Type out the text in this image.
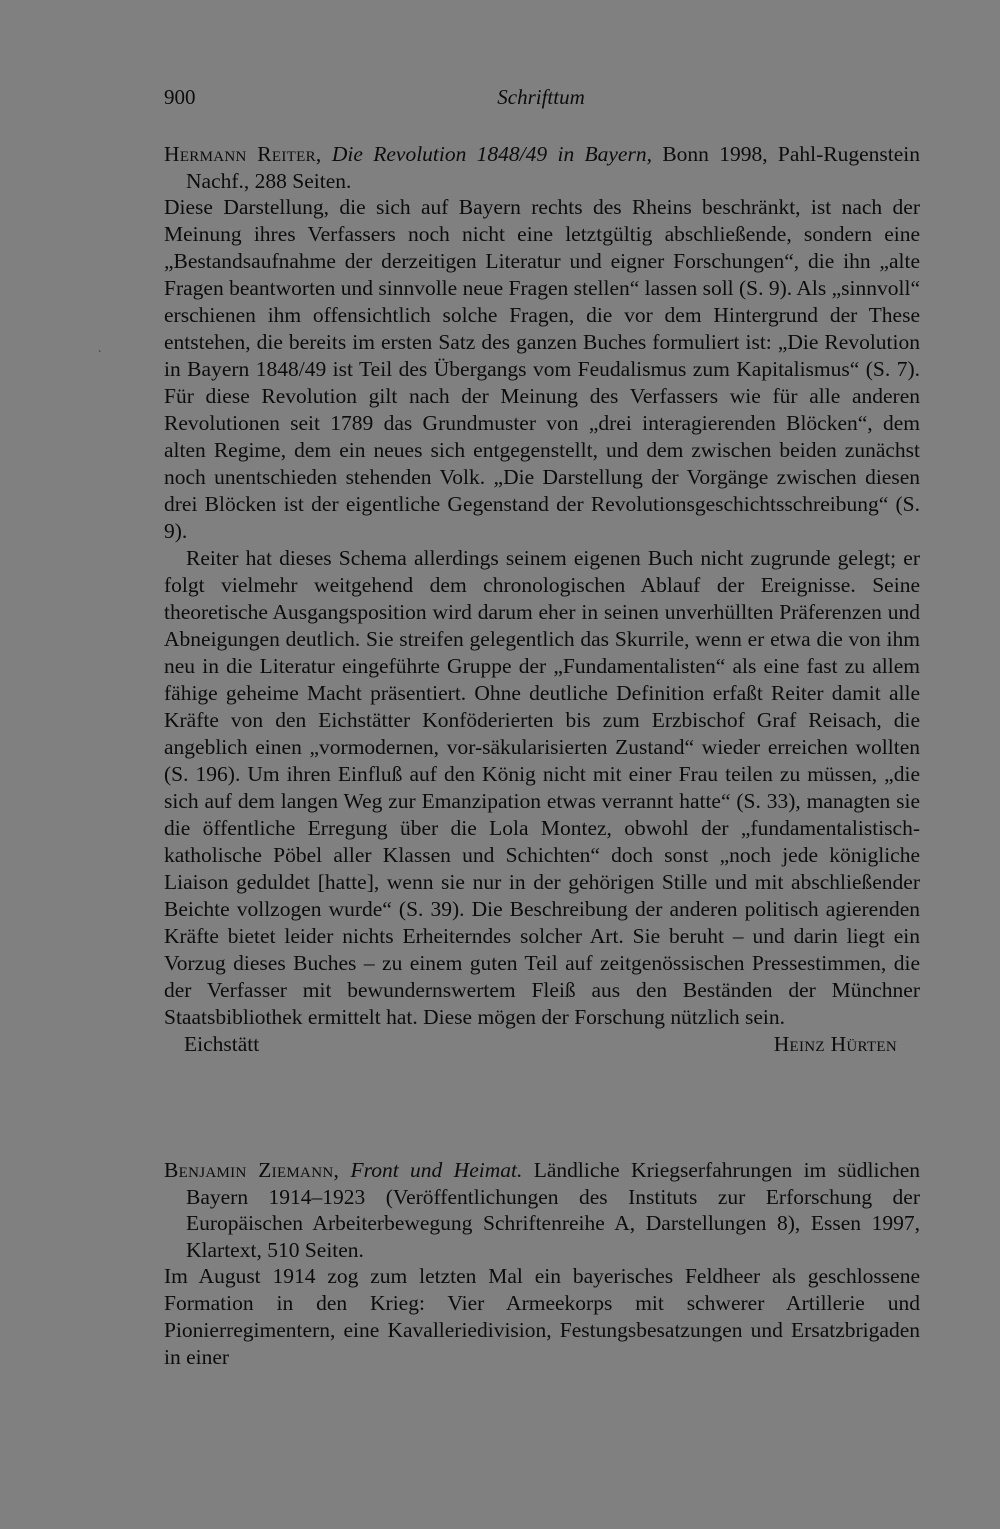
900	Schrifttum
`

Hermann Reiter, Die Revolution 1848/49 in Bayern, Bonn 1998, Pahl-Rugenstein Nachf., 288 Seiten.

Diese Darstellung, die sich auf Bayern rechts des Rheins beschränkt, ist nach der Meinung ihres Verfassers noch nicht eine letztgültig abschließende, sondern eine „Bestandsaufnahme der derzeitigen Literatur und eigner Forschungen“, die ihn „alte Fragen beantworten und sinnvolle neue Fragen stellen“ lassen soll (S. 9). Als „sinnvoll“ erschienen ihm offensichtlich solche Fragen, die vor dem Hintergrund der These entstehen, die bereits im ersten Satz des ganzen Buches formuliert ist: „Die Revolution in Bayern 1848/49 ist Teil des Übergangs vom Feudalismus zum Kapitalismus“ (S. 7). Für diese Revolution gilt nach der Meinung des Verfassers wie für alle anderen Revolutionen seit 1789 das Grundmuster von „drei interagierenden Blöcken“, dem alten Regime, dem ein neues sich entgegenstellt, und dem zwischen beiden zunächst noch unentschieden stehenden Volk. „Die Darstellung der Vorgänge zwischen diesen drei Blöcken ist der eigentliche Gegenstand der Revolutionsgeschichtsschreibung“ (S. 9).

Reiter hat dieses Schema allerdings seinem eigenen Buch nicht zugrunde gelegt; er folgt vielmehr weitgehend dem chronologischen Ablauf der Ereignisse. Seine theoretische Ausgangsposition wird darum eher in seinen unverhüllten Präferenzen und Abneigungen deutlich. Sie streifen gelegentlich das Skurrile, wenn er etwa die von ihm neu in die Literatur eingeführte Gruppe der „Fundamentalisten“ als eine fast zu allem fähige geheime Macht präsentiert. Ohne deutliche Definition erfaßt Reiter damit alle Kräfte von den Eichstätter Konföderierten bis zum Erzbischof Graf Reisach, die angeblich einen „vormodernen, vor-säkularisierten Zustand“ wieder erreichen wollten (S. 196). Um ihren Einfluß auf den König nicht mit einer Frau teilen zu müssen, „die sich auf dem langen Weg zur Emanzipation etwas verrannt hatte“ (S. 33), managten sie die öffentliche Erregung über die Lola Montez, obwohl der „fundamentalistisch-katholische Pöbel aller Klassen und Schichten“ doch sonst „noch jede königliche Liaison geduldet [hatte], wenn sie nur in der gehörigen Stille und mit abschließender Beichte vollzogen wurde“ (S. 39). Die Beschreibung der anderen politisch agierenden Kräfte bietet leider nichts Erheiterndes solcher Art. Sie beruht – und darin liegt ein Vorzug dieses Buches – zu einem guten Teil auf zeitgenössischen Pressestimmen, die der Verfasser mit bewundernswertem Fleiß aus den Beständen der Münchner Staatsbibliothek ermittelt hat. Diese mögen der Forschung nützlich sein.

Eichstätt	Heinz Hürten

Benjamin Ziemann, Front und Heimat. Ländliche Kriegserfahrungen im südlichen Bayern 1914–1923 (Veröffentlichungen des Instituts zur Erforschung der Europäischen Arbeiterbewegung Schriftenreihe A, Darstellungen 8), Essen 1997, Klartext, 510 Seiten.

Im August 1914 zog zum letzten Mal ein bayerisches Feldheer als geschlossene Formation in den Krieg: Vier Armeekorps mit schwerer Artillerie und Pionierregimentern, eine Kavalleriedivision, Festungsbesatzungen und Ersatzbrigaden in einer
